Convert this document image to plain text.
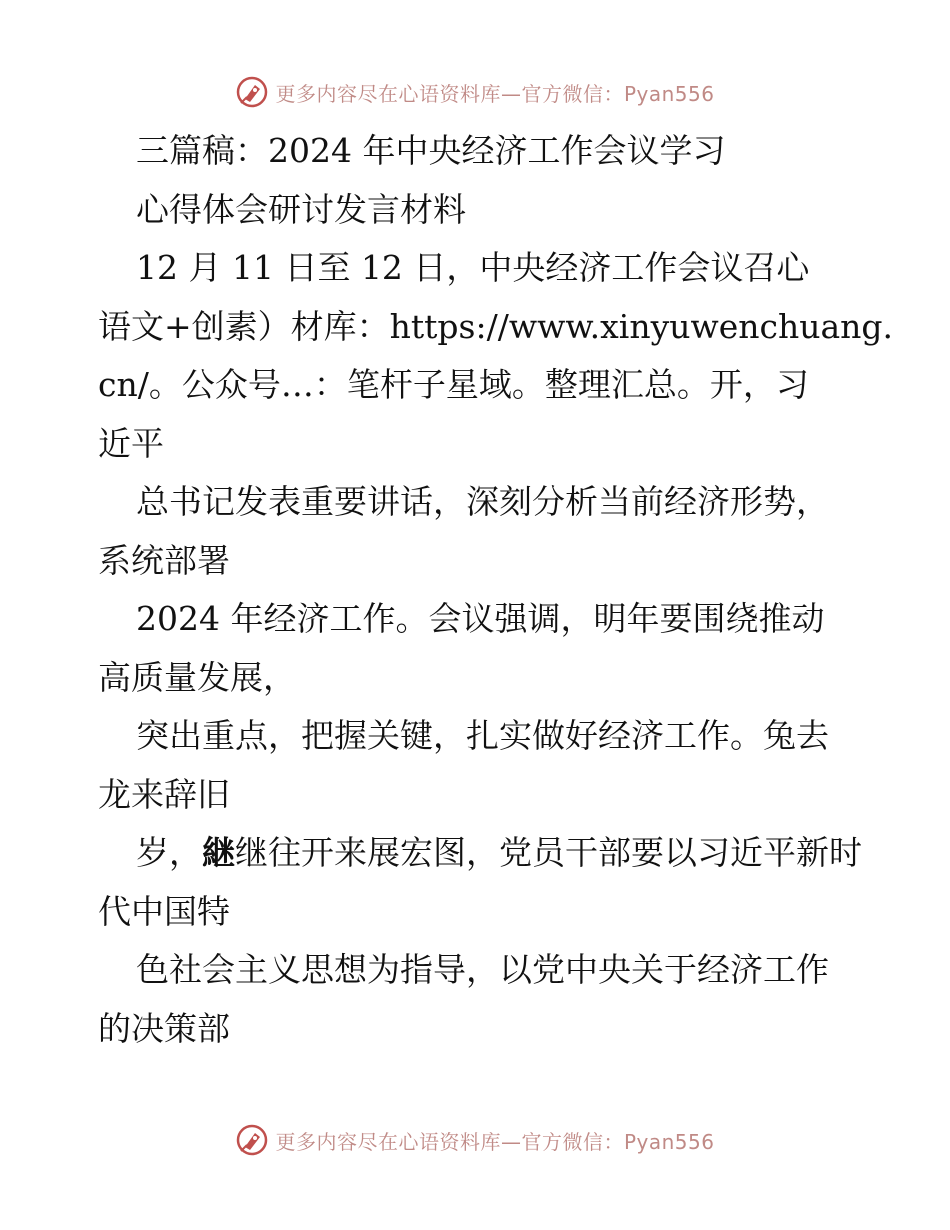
更多内容尽在心语资料库—官方微信：Pyan556
三篇稿：2024 年中央经济工作会议学习
心得体会研讨发言材料
12 月 11 日至 12 日，中央经济工作会议召心
语文+创素）材库：https://www.xinyuwenchuang.
cn/。公众号…：笔杆子星域。整理汇总。开，习
近平
总书记发表重要讲话，深刻分析当前经济形势，
系统部署
2024 年经济工作。会议强调，明年要围绕推动
高质量发展，
突出重点，把握关键，扎实做好经济工作。兔去
龙来辞旧
岁，継继往开来展宏图，党员干部要以习近平新时
代中国特
色社会主义思想为指导，以党中央关于经济工作
的决策部
更多内容尽在心语资料库—官方微信：Pyan556
